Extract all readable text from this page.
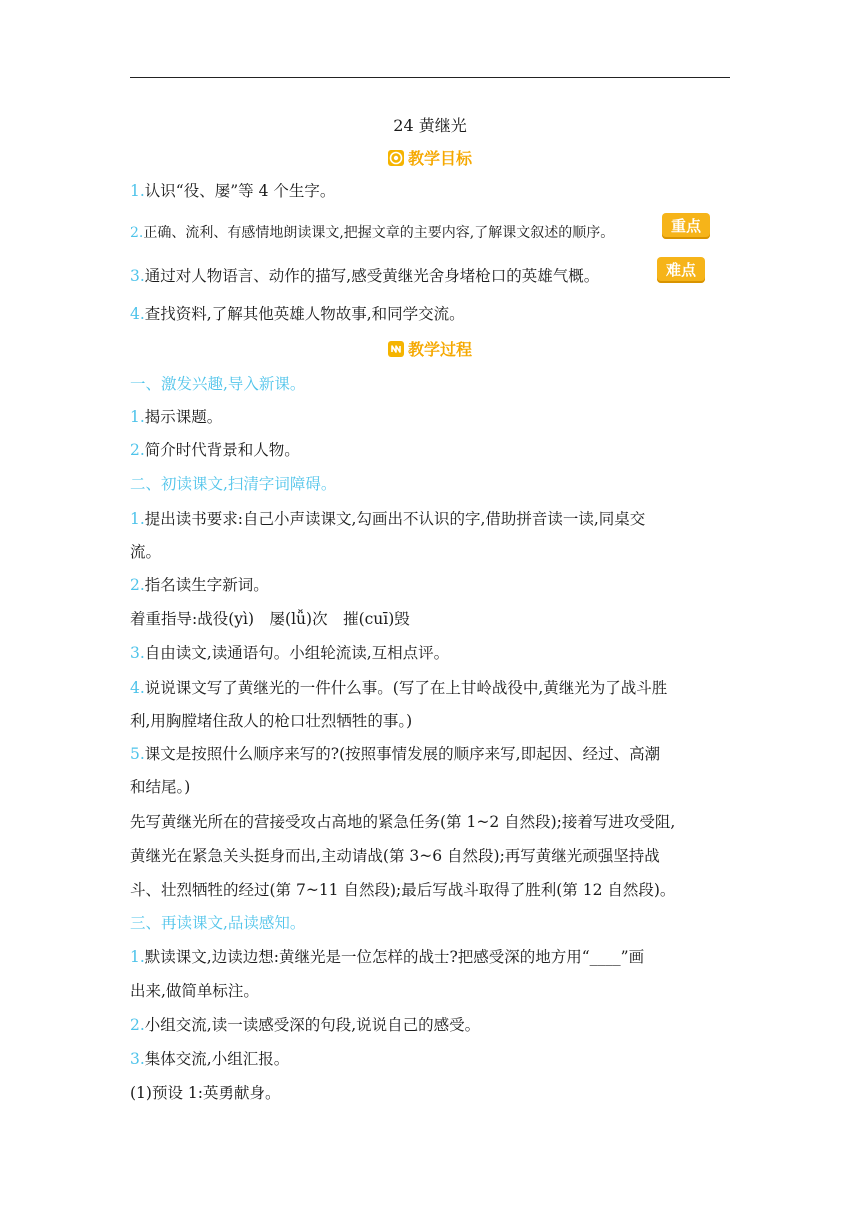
24 黄继光
教学目标
1.认识“役、屡”等 4 个生字。
2.正确、流利、有感情地朗读课文,把握文章的主要内容,了解课文叙述的顺序。	重点
3.通过对人物语言、动作的描写,感受黄继光舍身堵枪口的英雄气概。	难点
4.查找资料,了解其他英雄人物故事,和同学交流。
教学过程
一、激发兴趣,导入新课。
1.揭示课题。
2.简介时代背景和人物。
二、初读课文,扫清字词障碍。
1.提出读书要求:自己小声读课文,勾画出不认识的字,借助拼音读一读,同桌交
流。
2.指名读生字新词。
着重指导:战役(yì)　屡(lǚ)次　摧(cuī)毁
3.自由读文,读通语句。小组轮流读,互相点评。
4.说说课文写了黄继光的一件什么事。(写了在上甘岭战役中,黄继光为了战斗胜
利,用胸膛堵住敌人的枪口壮烈牺牲的事。)
5.课文是按照什么顺序来写的?(按照事情发展的顺序来写,即起因、经过、高潮
和结尾。)
先写黄继光所在的营接受攻占高地的紧急任务(第 1~2 自然段);接着写进攻受阻,
黄继光在紧急关头挺身而出,主动请战(第 3~6 自然段);再写黄继光顽强坚持战
斗、壮烈牺牲的经过(第 7~11 自然段);最后写战斗取得了胜利(第 12 自然段)。
三、再读课文,品读感知。
1.默读课文,边读边想:黄继光是一位怎样的战士?把感受深的地方用“____”画
出来,做简单标注。
2.小组交流,读一读感受深的句段,说说自己的感受。
3.集体交流,小组汇报。
(1)预设 1:英勇献身。
